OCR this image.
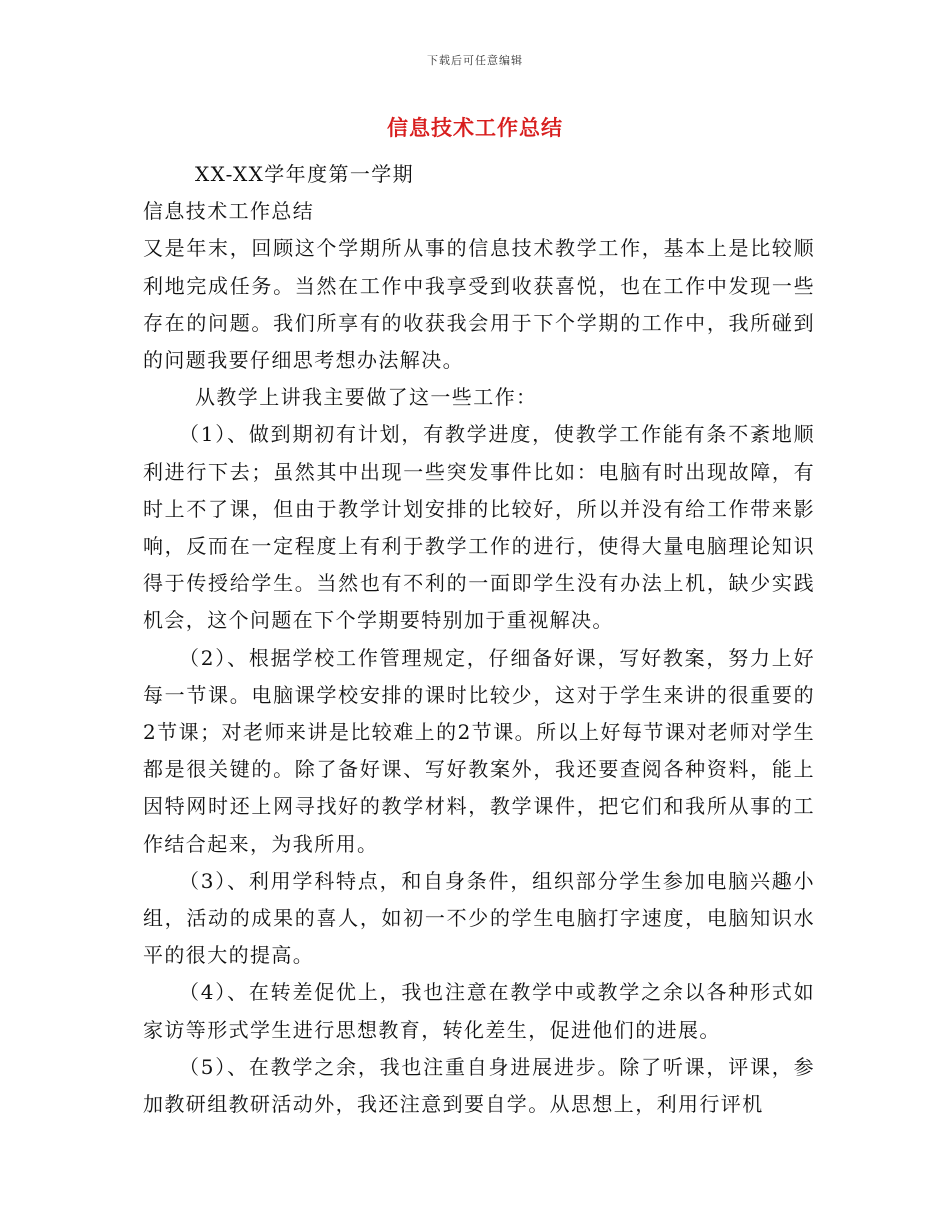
下载后可任意编辑
信息技术工作总结

XX-XX学年度第一学期

信息技术工作总结

又是年末，回顾这个学期所从事的信息技术教学工作，基本上是比较顺利地完成任务。当然在工作中我享受到收获喜悦，也在工作中发现一些存在的问题。我们所享有的收获我会用于下个学期的工作中，我所碰到的问题我要仔细思考想办法解决。

从教学上讲我主要做了这一些工作：

（1）、做到期初有计划，有教学进度，使教学工作能有条不紊地顺利进行下去；虽然其中出现一些突发事件比如：电脑有时出现故障，有时上不了课，但由于教学计划安排的比较好，所以并没有给工作带来影响，反而在一定程度上有利于教学工作的进行，使得大量电脑理论知识得于传授给学生。当然也有不利的一面即学生没有办法上机，缺少实践机会，这个问题在下个学期要特别加于重视解决。

（2）、根据学校工作管理规定，仔细备好课，写好教案，努力上好每一节课。电脑课学校安排的课时比较少，这对于学生来讲的很重要的2节课；对老师来讲是比较难上的2节课。所以上好每节课对老师对学生都是很关键的。除了备好课、写好教案外，我还要查阅各种资料，能上因特网时还上网寻找好的教学材料，教学课件，把它们和我所从事的工作结合起来，为我所用。

（3）、利用学科特点，和自身条件，组织部分学生参加电脑兴趣小组，活动的成果的喜人，如初一不少的学生电脑打字速度，电脑知识水平的很大的提高。

（4）、在转差促优上，我也注意在教学中或教学之余以各种形式如家访等形式学生进行思想教育，转化差生，促进他们的进展。

（5）、在教学之余，我也注重自身进展进步。除了听课，评课，参加教研组教研活动外，我还注意到要自学。从思想上，利用行评机
